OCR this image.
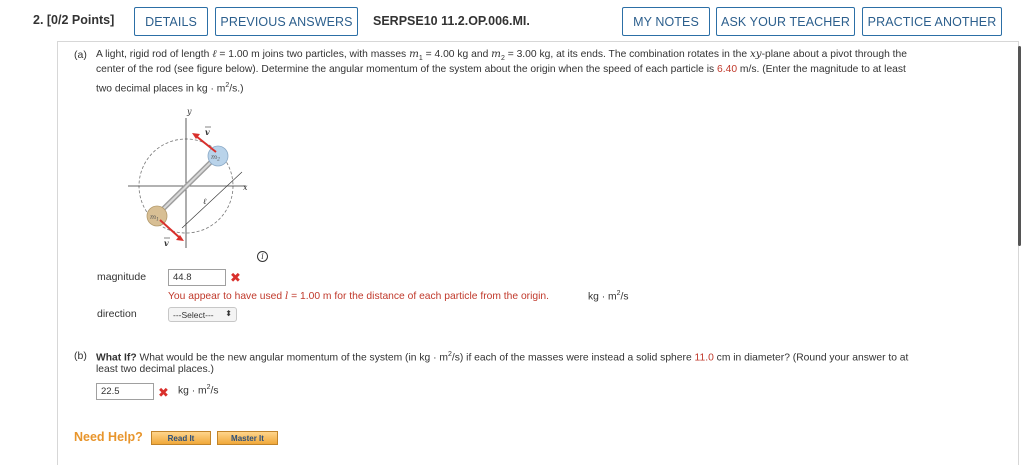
2. [0/2 Points]	DETAILS	PREVIOUS ANSWERS	SERPSE10 11.2.OP.006.MI.	MY NOTES	ASK YOUR TEACHER	PRACTICE ANOTHER
(a) A light, rigid rod of length ℓ = 1.00 m joins two particles, with masses $m_1 = 4.00$ kg and $m_2 = 3.00$ kg, at its ends. The combination rotates in the xy-plane about a pivot through the
center of the rod (see figure below). Determine the angular momentum of the system about the origin when the speed of each particle is 6.40 m/s. (Enter the magnitude to at least
two decimal places in kg · $m^2/s$.)
y
x
ℓ
$m_2$
$m_1$
v
v
i
magnitude
44.8	✖
You appear to have used l = 1.00 m for the distance of each particle from the origin.	kg · $m^2/s$
direction	---Select--- ⬍
(b) What If? What would be the new angular momentum of the system (in kg · $m^2/s$) if each of the masses were instead a solid sphere 11.0 cm in diameter? (Round your answer to at
least two decimal places.)
22.5
✖ kg · $m^2/s$
Need Help?	Read It	Master It
